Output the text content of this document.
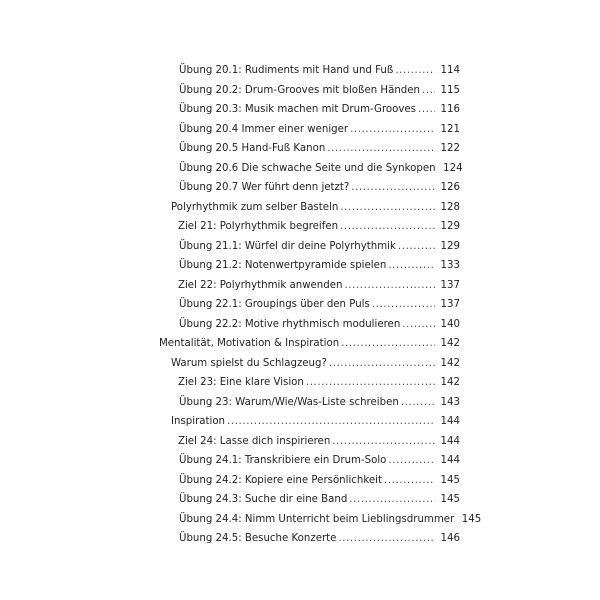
Übung 20.1: Rudiments mit Hand und Fuß .....	114
Übung 20.2: Drum-Grooves mit bloßen Händen ..... 115
Übung 20.3: Musik machen mit Drum-Grooves ..... 116
Übung 20.4 Immer einer weniger .....	121
Übung 20.5 Hand-Fuß Kanon .....	122
Übung 20.6 Die schwache Seite und die Synkopen 124
Übung 20.7 Wer führt denn jetzt? .....	126
Polyrhythmik zum selber Basteln .....	128
Ziel 21: Polyrhythmik begreifen .....	129
Übung 21.1: Würfel dir deine Polyrhythmik .....	129
Übung 21.2: Notenwertpyramide spielen .....	133
Ziel 22: Polyrhythmik anwenden .....	137
Übung 22.1: Groupings über den Puls .....	137
Übung 22.2: Motive rhythmisch modulieren .....	140
Mentalität, Motivation & Inspiration .....	142
Warum spielst du Schlagzeug? .....	142
Ziel 23: Eine klare Vision .....	142
Übung 23: Warum/Wie/Was-Liste schreiben .....	143
Inspiration .....	144
Ziel 24: Lasse dich inspirieren .....	144
Übung 24.1: Transkribiere ein Drum-Solo .....	144
Übung 24.2: Kopiere eine Persönlichkeit .....	145
Übung 24.3: Suche dir eine Band .....	145
Übung 24.4: Nimm Unterricht beim Lieblingsdrummer 145
Übung 24.5: Besuche Konzerte .....	146
